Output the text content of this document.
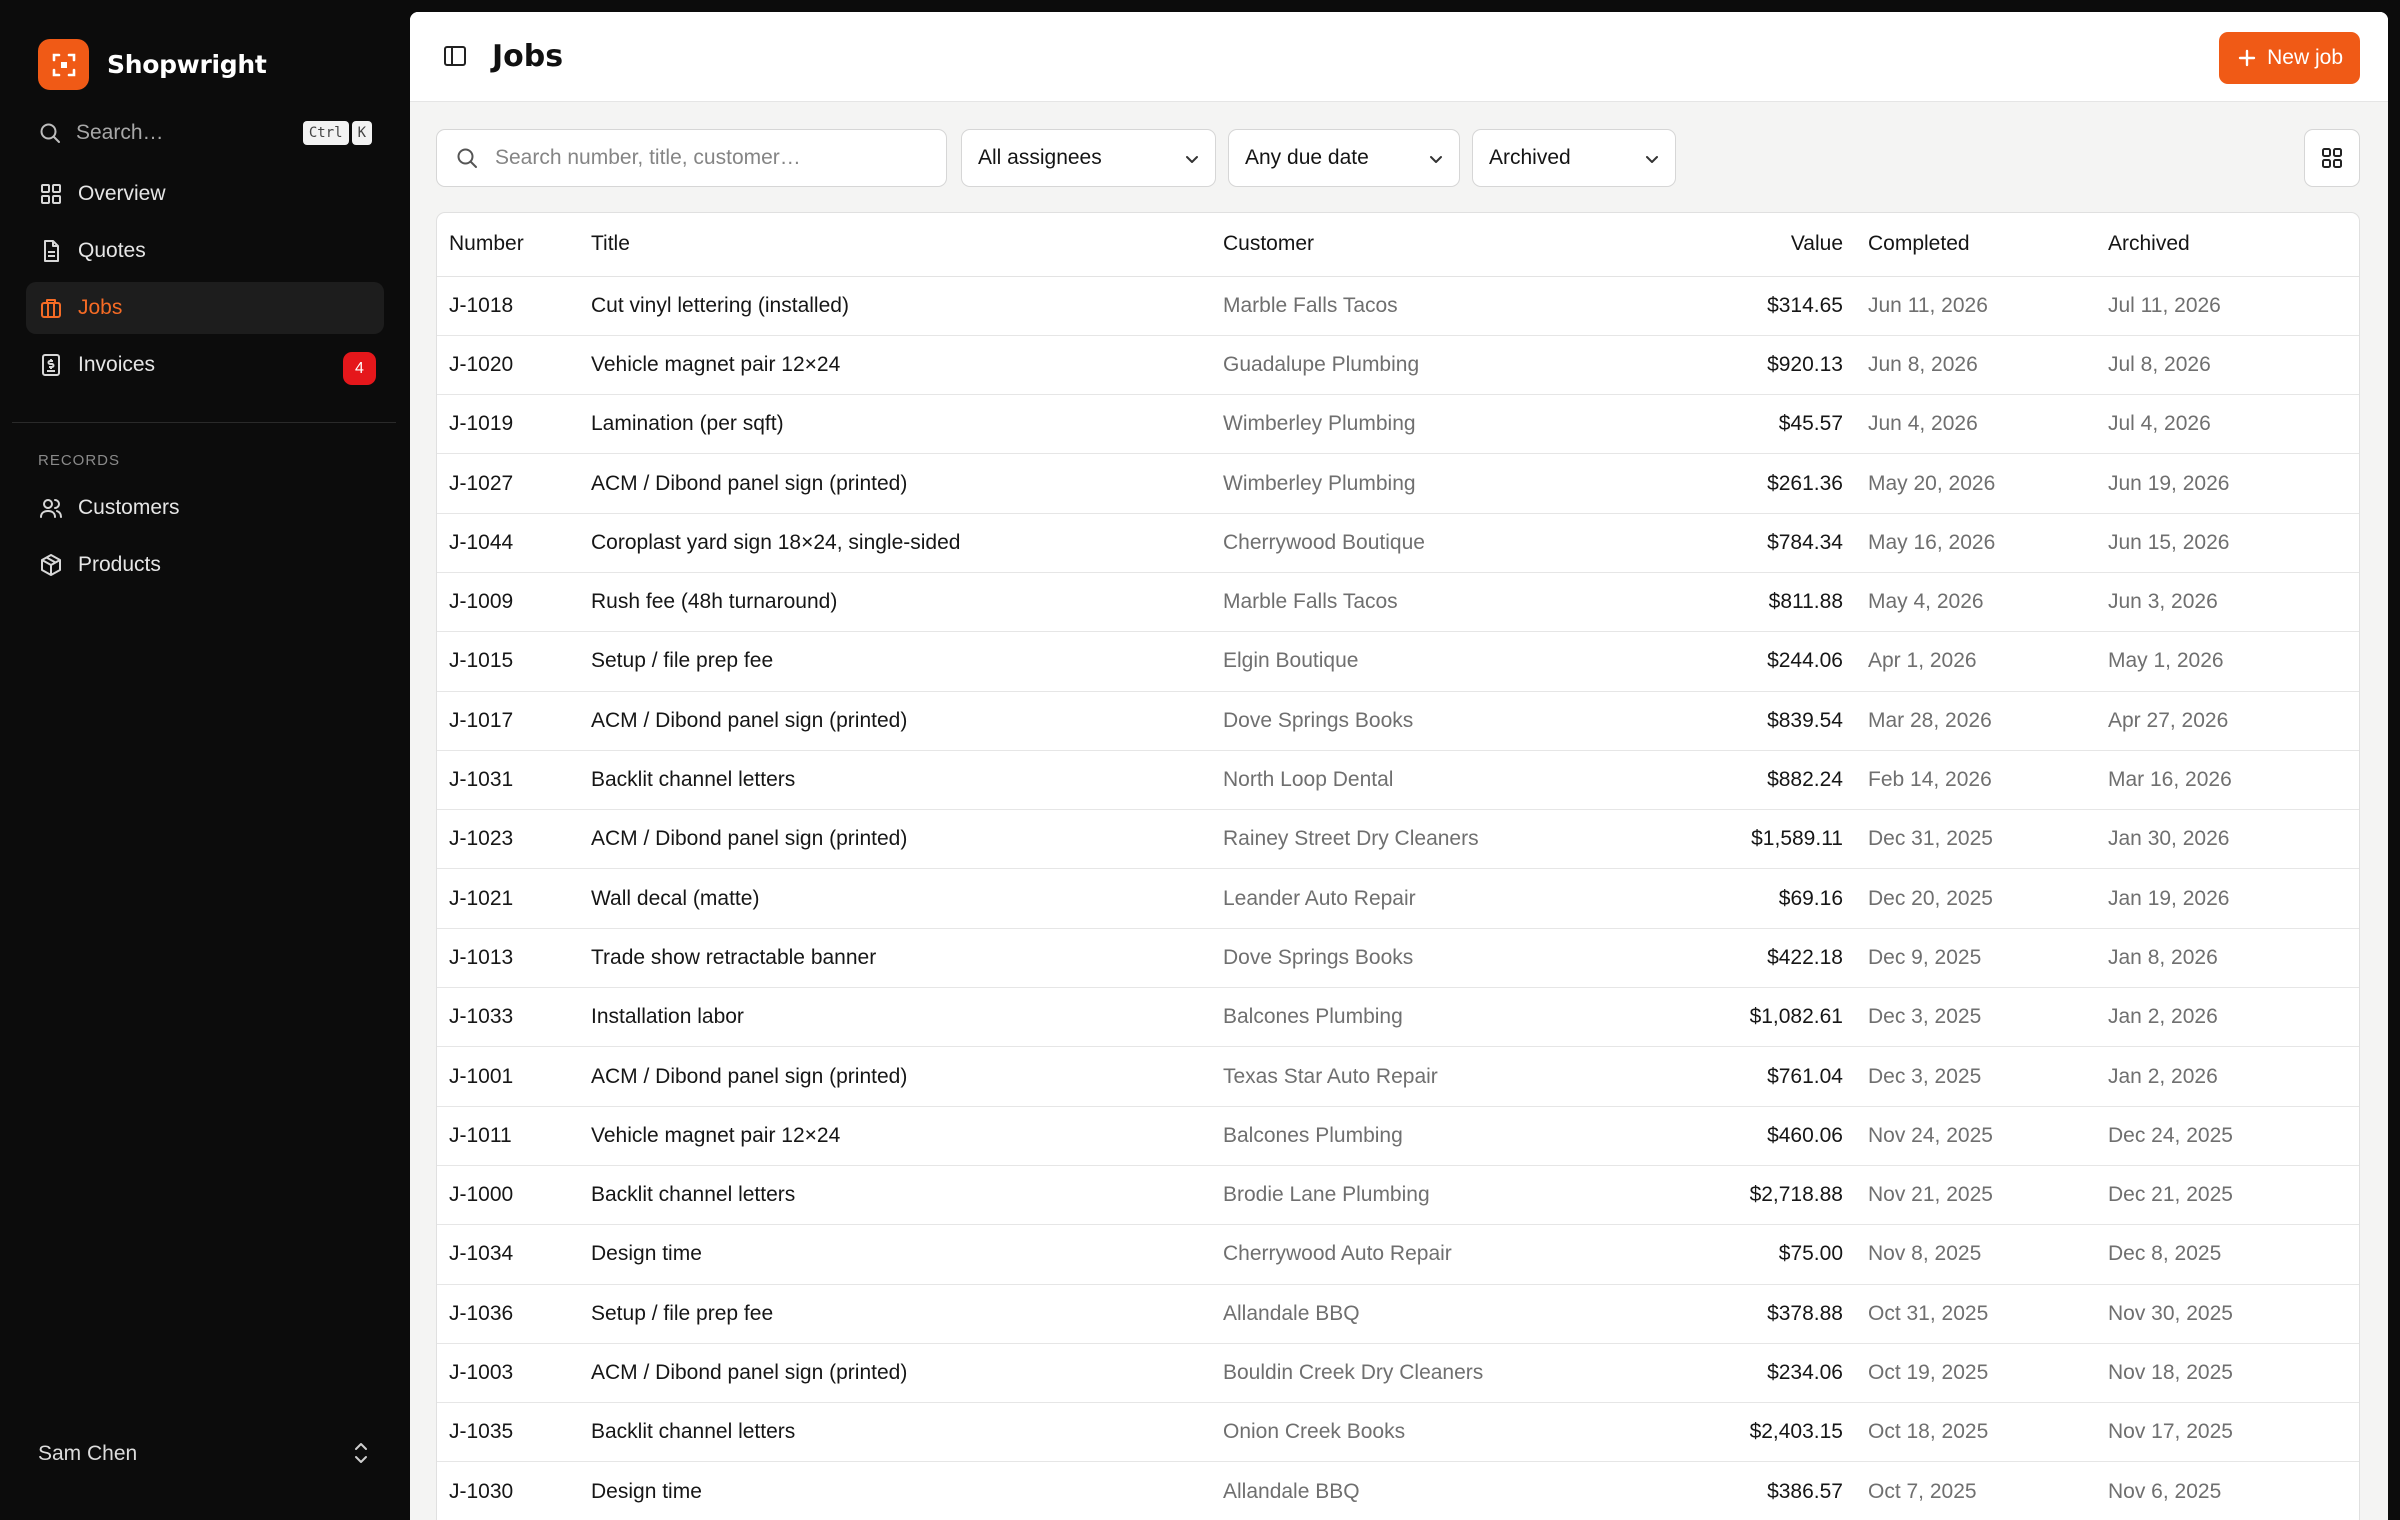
Shopwright
Search…	Ctrl	K
Overview
Quotes
Jobs
Invoices	4
RECORDS
Customers
Products
Sam Chen
Jobs	New job
Search number, title, customer…	All assignees	Any due date	Archived
Number	Title	Customer	Value	Completed	Archived
J-1018	Cut vinyl lettering (installed)	Marble Falls Tacos	$314.65	Jun 11, 2026	Jul 11, 2026
J-1020	Vehicle magnet pair 12×24	Guadalupe Plumbing	$920.13	Jun 8, 2026	Jul 8, 2026
J-1019	Lamination (per sqft)	Wimberley Plumbing	$45.57	Jun 4, 2026	Jul 4, 2026
J-1027	ACM / Dibond panel sign (printed)	Wimberley Plumbing	$261.36	May 20, 2026	Jun 19, 2026
J-1044	Coroplast yard sign 18×24, single-sided	Cherrywood Boutique	$784.34	May 16, 2026	Jun 15, 2026
J-1009	Rush fee (48h turnaround)	Marble Falls Tacos	$811.88	May 4, 2026	Jun 3, 2026
J-1015	Setup / file prep fee	Elgin Boutique	$244.06	Apr 1, 2026	May 1, 2026
J-1017	ACM / Dibond panel sign (printed)	Dove Springs Books	$839.54	Mar 28, 2026	Apr 27, 2026
J-1031	Backlit channel letters	North Loop Dental	$882.24	Feb 14, 2026	Mar 16, 2026
J-1023	ACM / Dibond panel sign (printed)	Rainey Street Dry Cleaners	$1,589.11	Dec 31, 2025	Jan 30, 2026
J-1021	Wall decal (matte)	Leander Auto Repair	$69.16	Dec 20, 2025	Jan 19, 2026
J-1013	Trade show retractable banner	Dove Springs Books	$422.18	Dec 9, 2025	Jan 8, 2026
J-1033	Installation labor	Balcones Plumbing	$1,082.61	Dec 3, 2025	Jan 2, 2026
J-1001	ACM / Dibond panel sign (printed)	Texas Star Auto Repair	$761.04	Dec 3, 2025	Jan 2, 2026
J-1011	Vehicle magnet pair 12×24	Balcones Plumbing	$460.06	Nov 24, 2025	Dec 24, 2025
J-1000	Backlit channel letters	Brodie Lane Plumbing	$2,718.88	Nov 21, 2025	Dec 21, 2025
J-1034	Design time	Cherrywood Auto Repair	$75.00	Nov 8, 2025	Dec 8, 2025
J-1036	Setup / file prep fee	Allandale BBQ	$378.88	Oct 31, 2025	Nov 30, 2025
J-1003	ACM / Dibond panel sign (printed)	Bouldin Creek Dry Cleaners	$234.06	Oct 19, 2025	Nov 18, 2025
J-1035	Backlit channel letters	Onion Creek Books	$2,403.15	Oct 18, 2025	Nov 17, 2025
J-1030	Design time	Allandale BBQ	$386.57	Oct 7, 2025	Nov 6, 2025
